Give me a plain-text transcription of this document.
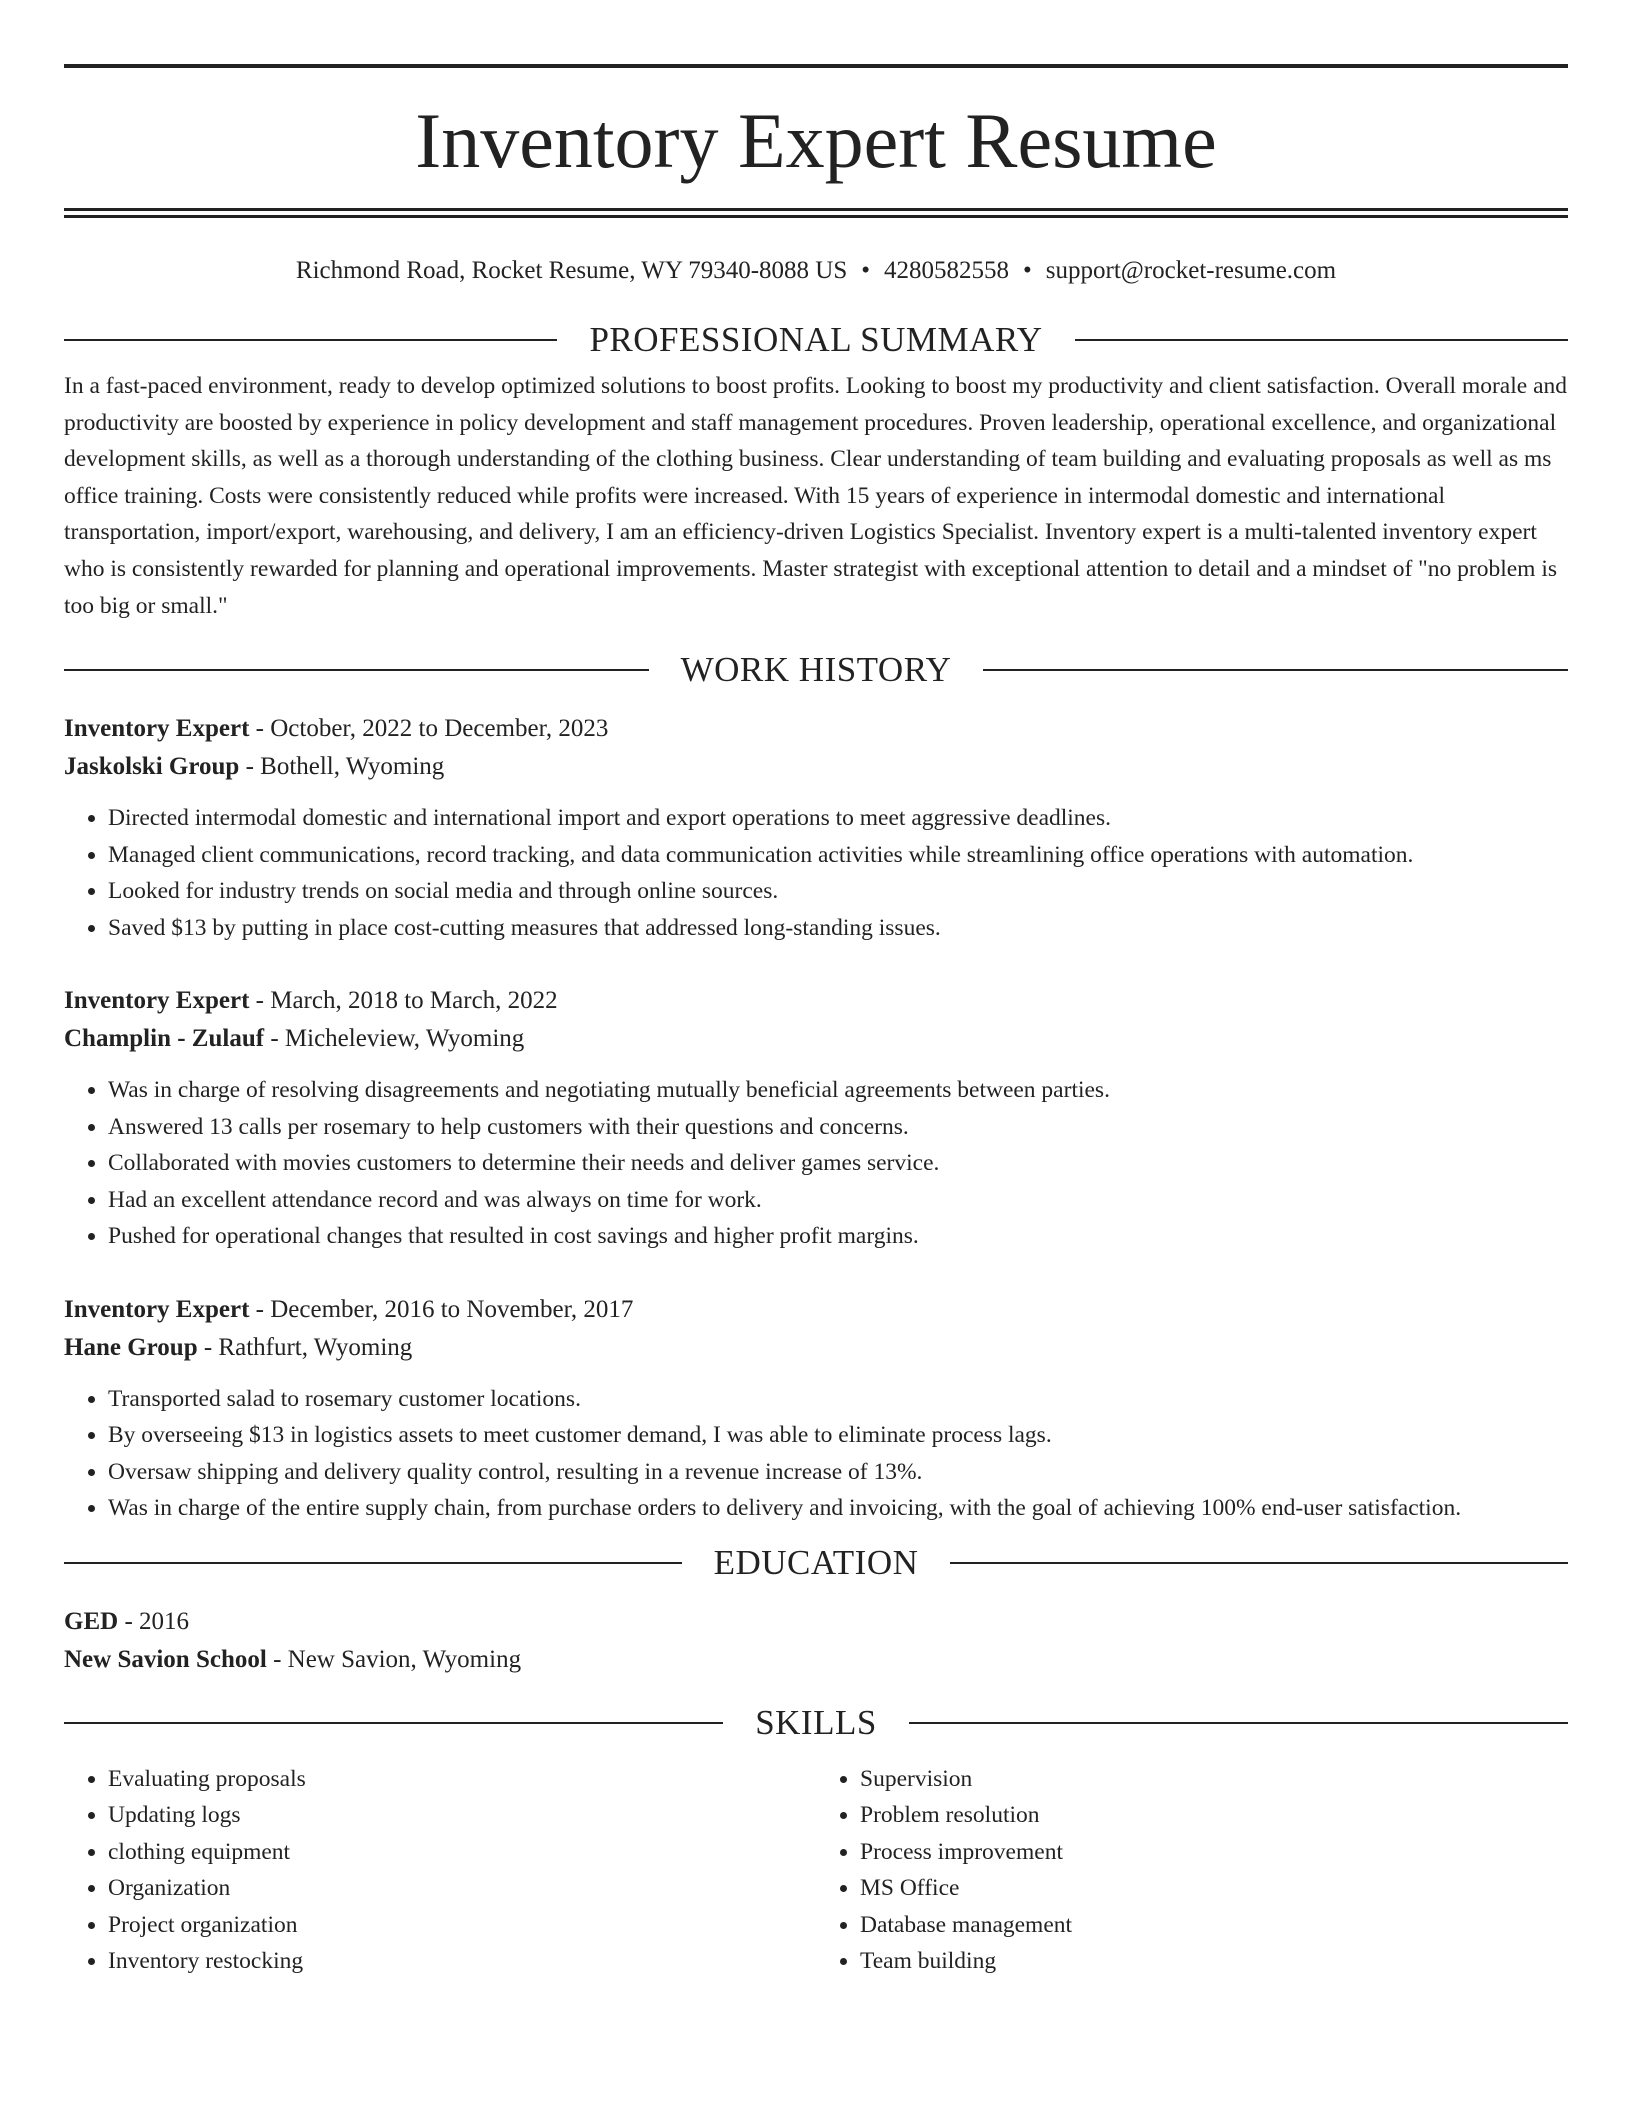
Inventory Expert Resume
Richmond Road, Rocket Resume, WY 79340-8088 US • 4280582558 • support@rocket-resume.com
PROFESSIONAL SUMMARY
In a fast-paced environment, ready to develop optimized solutions to boost profits. Looking to boost my productivity and client satisfaction. Overall morale and productivity are boosted by experience in policy development and staff management procedures. Proven leadership, operational excellence, and organizational development skills, as well as a thorough understanding of the clothing business. Clear understanding of team building and evaluating proposals as well as ms office training. Costs were consistently reduced while profits were increased. With 15 years of experience in intermodal domestic and international transportation, import/export, warehousing, and delivery, I am an efficiency-driven Logistics Specialist. Inventory expert is a multi-talented inventory expert who is consistently rewarded for planning and operational improvements. Master strategist with exceptional attention to detail and a mindset of "no problem is too big or small."
WORK HISTORY
Inventory Expert - October, 2022 to December, 2023
Jaskolski Group - Bothell, Wyoming
• Directed intermodal domestic and international import and export operations to meet aggressive deadlines.
• Managed client communications, record tracking, and data communication activities while streamlining office operations with automation.
• Looked for industry trends on social media and through online sources.
• Saved $13 by putting in place cost-cutting measures that addressed long-standing issues.
Inventory Expert - March, 2018 to March, 2022
Champlin - Zulauf - Micheleview, Wyoming
• Was in charge of resolving disagreements and negotiating mutually beneficial agreements between parties.
• Answered 13 calls per rosemary to help customers with their questions and concerns.
• Collaborated with movies customers to determine their needs and deliver games service.
• Had an excellent attendance record and was always on time for work.
• Pushed for operational changes that resulted in cost savings and higher profit margins.
Inventory Expert - December, 2016 to November, 2017
Hane Group - Rathfurt, Wyoming
• Transported salad to rosemary customer locations.
• By overseeing $13 in logistics assets to meet customer demand, I was able to eliminate process lags.
• Oversaw shipping and delivery quality control, resulting in a revenue increase of 13%.
• Was in charge of the entire supply chain, from purchase orders to delivery and invoicing, with the goal of achieving 100% end-user satisfaction.
EDUCATION
GED - 2016
New Savion School - New Savion, Wyoming
SKILLS
• Evaluating proposals
• Updating logs
• clothing equipment
• Organization
• Project organization
• Inventory restocking
• Supervision
• Problem resolution
• Process improvement
• MS Office
• Database management
• Team building
